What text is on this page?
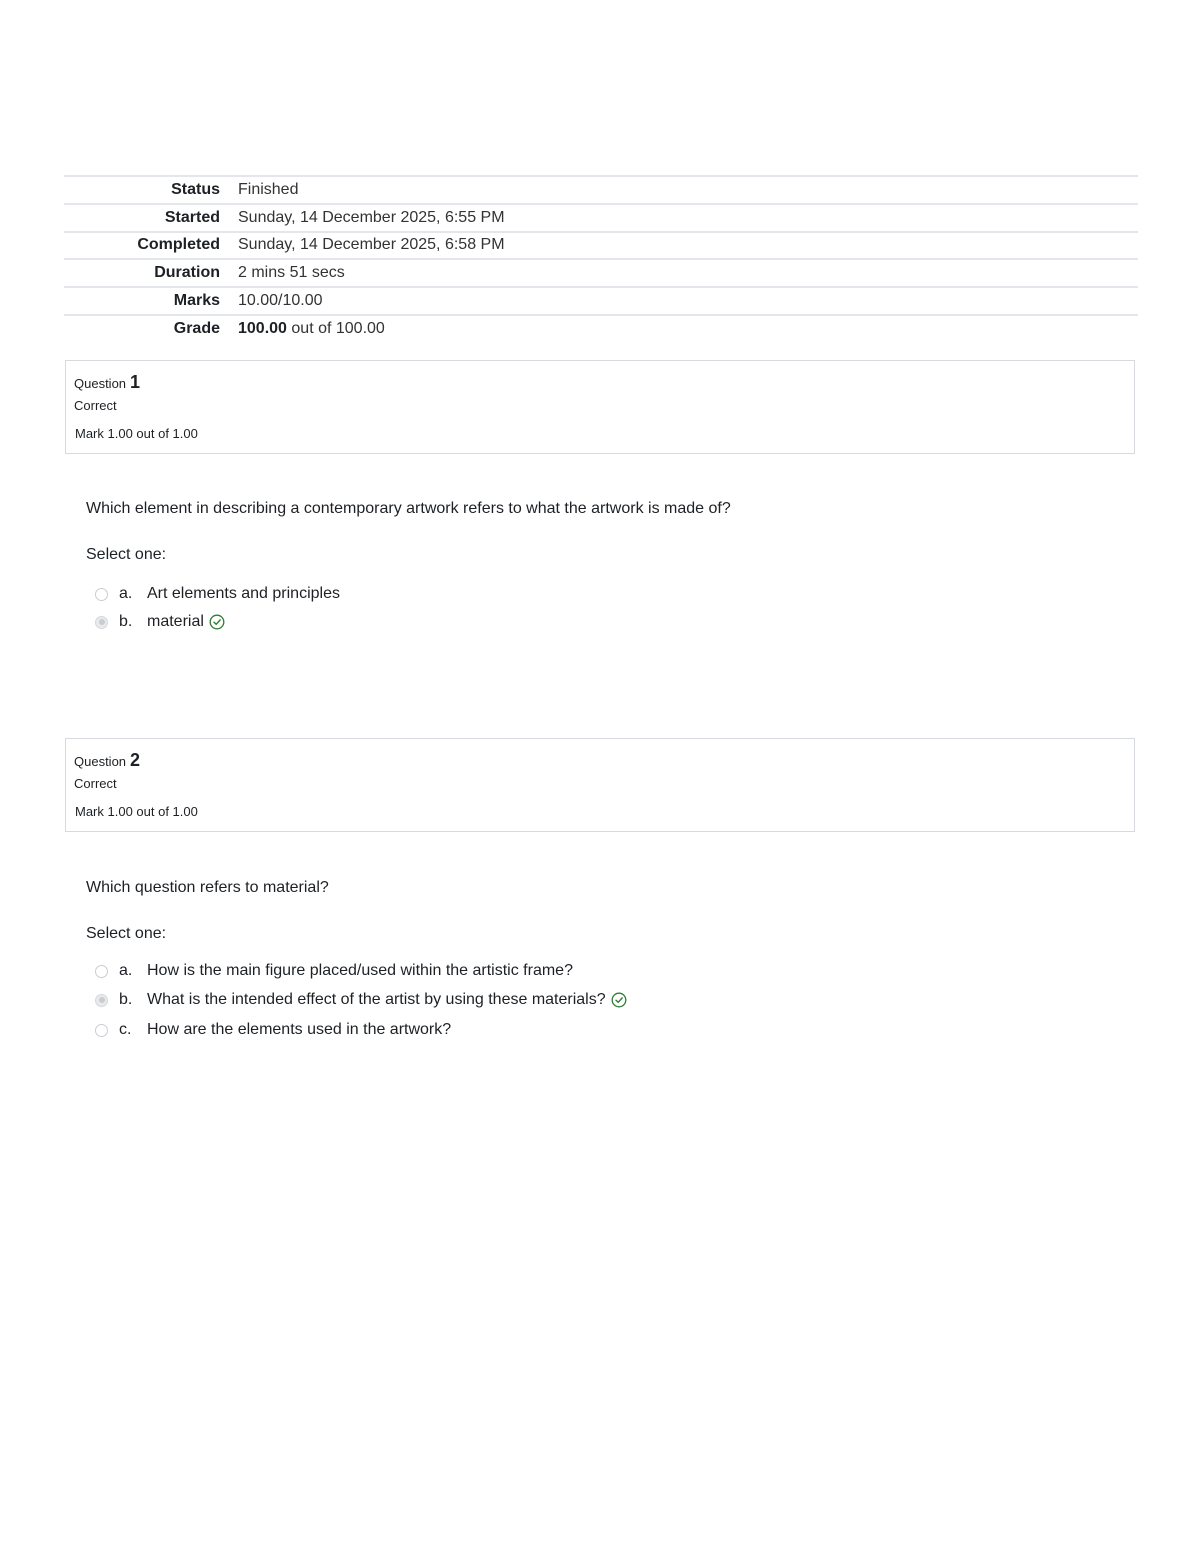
Status	Finished
Started	Sunday, 14 December 2025, 6:55 PM
Completed	Sunday, 14 December 2025, 6:58 PM
Duration	2 mins 51 secs
Marks	10.00/10.00
Grade	100.00 out of 100.00
Question 1
Correct
Mark 1.00 out of 1.00
Which element in describing a contemporary artwork refers to what the artwork is made of?
Select one:
a. Art elements and principles
b. material
Question 2
Correct
Mark 1.00 out of 1.00
Which question refers to material?
Select one:
a. How is the main figure placed/used within the artistic frame?
b. What is the intended effect of the artist by using these materials?
c. How are the elements used in the artwork?
